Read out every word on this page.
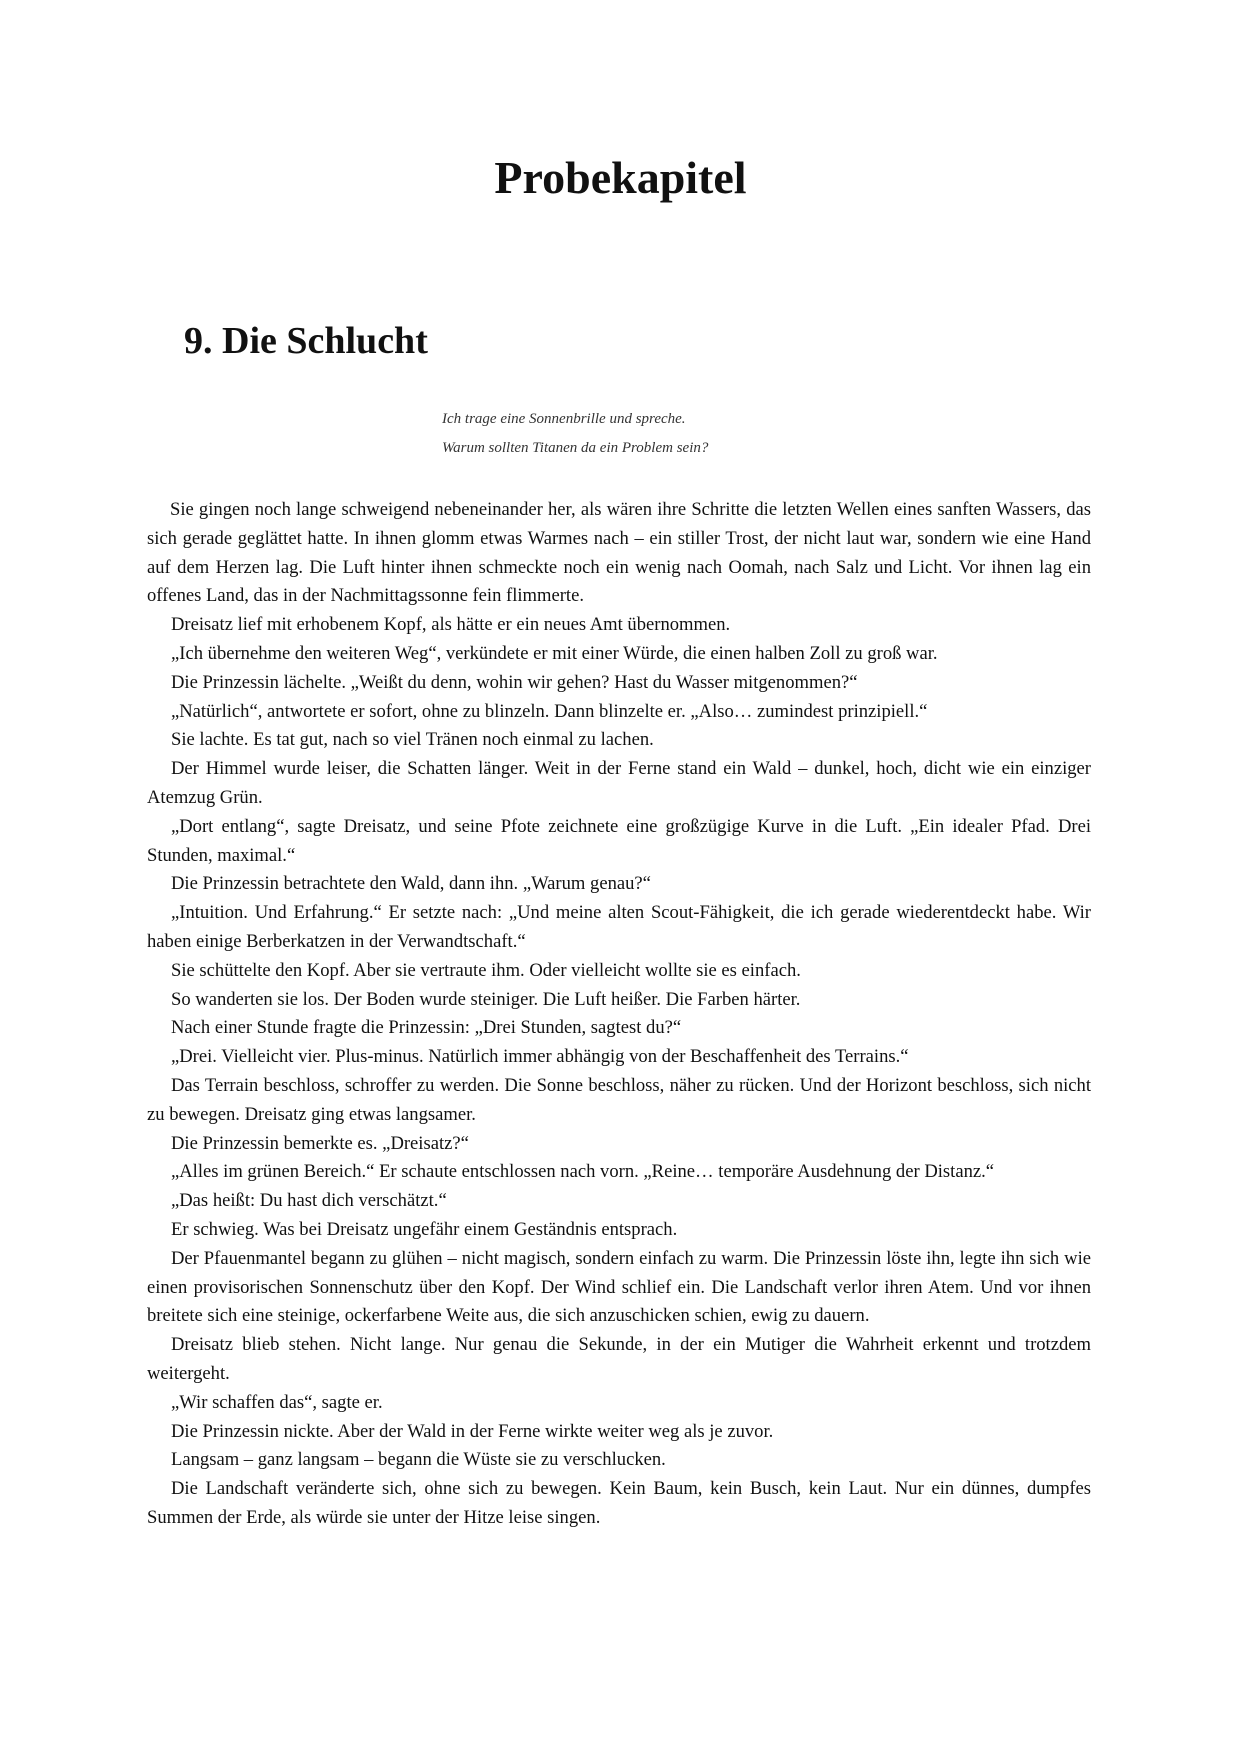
Probekapitel
9. Die Schlucht
Ich trage eine Sonnenbrille und spreche.
Warum sollten Titanen da ein Problem sein?

Sie gingen noch lange schweigend nebeneinander her, als wären ihre Schritte die letzten Wellen eines sanften Wassers, das sich gerade geglättet hatte. In ihnen glomm etwas Warmes nach – ein stiller Trost, der nicht laut war, sondern wie eine Hand auf dem Herzen lag. Die Luft hinter ihnen schmeckte noch ein wenig nach Oomah, nach Salz und Licht. Vor ihnen lag ein offenes Land, das in der Nachmittagssonne fein flimmerte.

Dreisatz lief mit erhobenem Kopf, als hätte er ein neues Amt übernommen.

„Ich übernehme den weiteren Weg“, verkündete er mit einer Würde, die einen halben Zoll zu groß war.

Die Prinzessin lächelte. „Weißt du denn, wohin wir gehen? Hast du Wasser mitgenommen?“

„Natürlich“, antwortete er sofort, ohne zu blinzeln. Dann blinzelte er. „Also… zumindest prinzipiell.“

Sie lachte. Es tat gut, nach so viel Tränen noch einmal zu lachen.

Der Himmel wurde leiser, die Schatten länger. Weit in der Ferne stand ein Wald – dunkel, hoch, dicht wie ein einziger Atemzug Grün.

„Dort entlang“, sagte Dreisatz, und seine Pfote zeichnete eine großzügige Kurve in die Luft. „Ein idealer Pfad. Drei Stunden, maximal.“

Die Prinzessin betrachtete den Wald, dann ihn. „Warum genau?“

„Intuition. Und Erfahrung.“ Er setzte nach: „Und meine alten Scout-Fähigkeit, die ich gerade wiederentdeckt habe. Wir haben einige Berberkatzen in der Verwandtschaft.“

Sie schüttelte den Kopf. Aber sie vertraute ihm. Oder vielleicht wollte sie es einfach.

So wanderten sie los. Der Boden wurde steiniger. Die Luft heißer. Die Farben härter.

Nach einer Stunde fragte die Prinzessin: „Drei Stunden, sagtest du?“

„Drei. Vielleicht vier. Plus-minus. Natürlich immer abhängig von der Beschaffenheit des Terrains.“

Das Terrain beschloss, schroffer zu werden. Die Sonne beschloss, näher zu rücken. Und der Horizont beschloss, sich nicht zu bewegen. Dreisatz ging etwas langsamer.

Die Prinzessin bemerkte es. „Dreisatz?“

„Alles im grünen Bereich.“ Er schaute entschlossen nach vorn. „Reine… temporäre Ausdehnung der Distanz.“

„Das heißt: Du hast dich verschätzt.“

Er schwieg. Was bei Dreisatz ungefähr einem Geständnis entsprach.

Der Pfauenmantel begann zu glühen – nicht magisch, sondern einfach zu warm. Die Prinzessin löste ihn, legte ihn sich wie einen provisorischen Sonnenschutz über den Kopf. Der Wind schlief ein. Die Landschaft verlor ihren Atem. Und vor ihnen breitete sich eine steinige, ockerfarbene Weite aus, die sich anzuschicken schien, ewig zu dauern.

Dreisatz blieb stehen. Nicht lange. Nur genau die Sekunde, in der ein Mutiger die Wahrheit erkennt und trotzdem weitergeht.

„Wir schaffen das“, sagte er.

Die Prinzessin nickte. Aber der Wald in der Ferne wirkte weiter weg als je zuvor.

Langsam – ganz langsam – begann die Wüste sie zu verschlucken.

Die Landschaft veränderte sich, ohne sich zu bewegen. Kein Baum, kein Busch, kein Laut. Nur ein dünnes, dumpfes Summen der Erde, als würde sie unter der Hitze leise singen.
